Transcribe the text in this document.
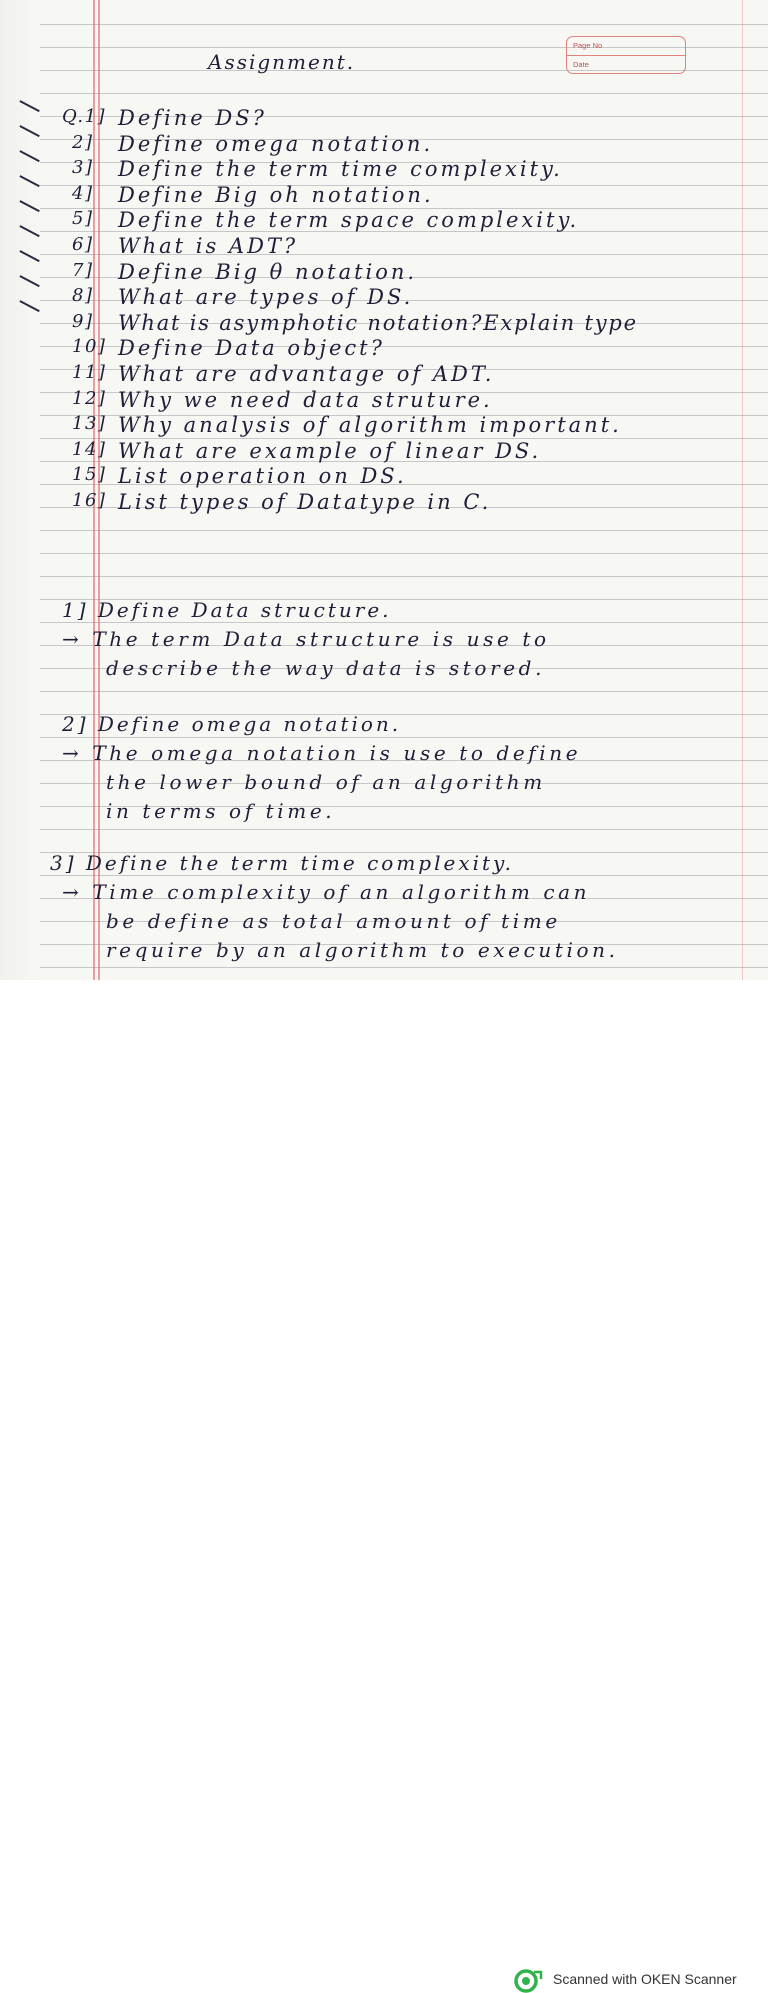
Page No
Date
Assignment.
Q.1] Define DS?
2] Define omega notation.
3] Define the term time complexity.
4] Define Big oh notation.
5] Define the term space complexity.
6] What is ADT?
7] Define Big θ notation.
8] What are types of DS.
9] What is asymphotic notation?Explain type
10] Define Data object?
11] What are advantage of ADT.
12] Why we need data struture.
13] Why analysis of algorithm important.
14] What are example of linear DS.
15] List operation on DS.
16] List types of Datatype in C.
1] Define Data structure.
→ The term Data structure is use to
describe the way data is stored.
2] Define omega notation.
→ The omega notation is use to define
the lower bound of an algorithm
in terms of time.
3] Define the term time complexity.
→ Time complexity of an algorithm can
be define as total amount of time
require by an algorithm to execution.
Scanned with OKEN Scanner
